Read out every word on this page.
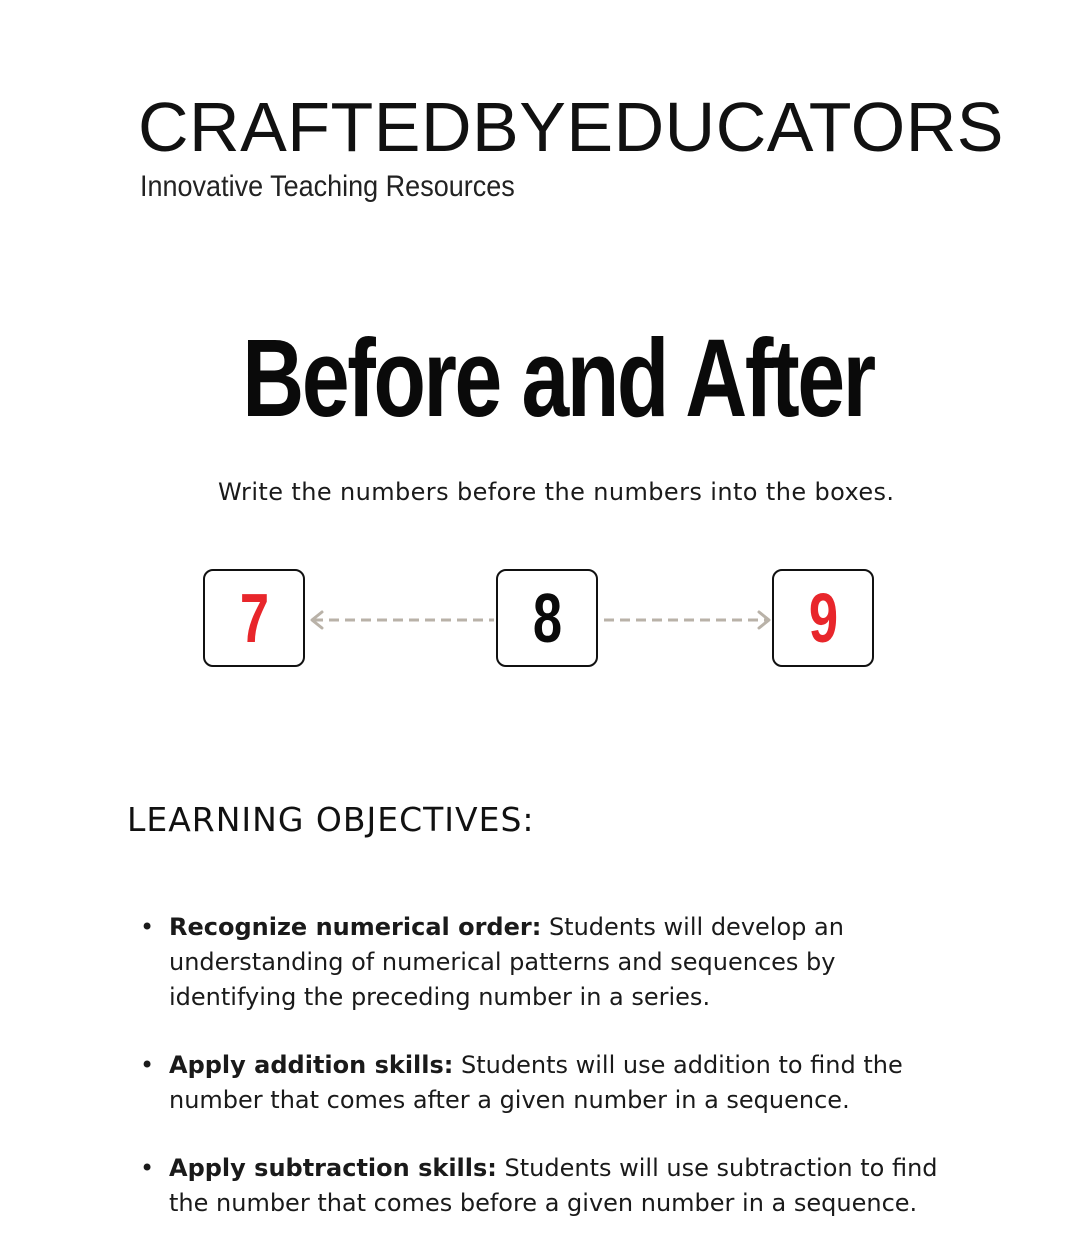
CRAFTEDBYEDUCATORS
Innovative Teaching Resources
Before and After
Write the numbers before the numbers into the boxes.
7	8	9
LEARNING OBJECTIVES:
• Recognize numerical order: Students will develop an understanding of numerical patterns and sequences by identifying the preceding number in a series.
• Apply addition skills: Students will use addition to find the number that comes after a given number in a sequence.
• Apply subtraction skills: Students will use subtraction to find the number that comes before a given number in a sequence.
